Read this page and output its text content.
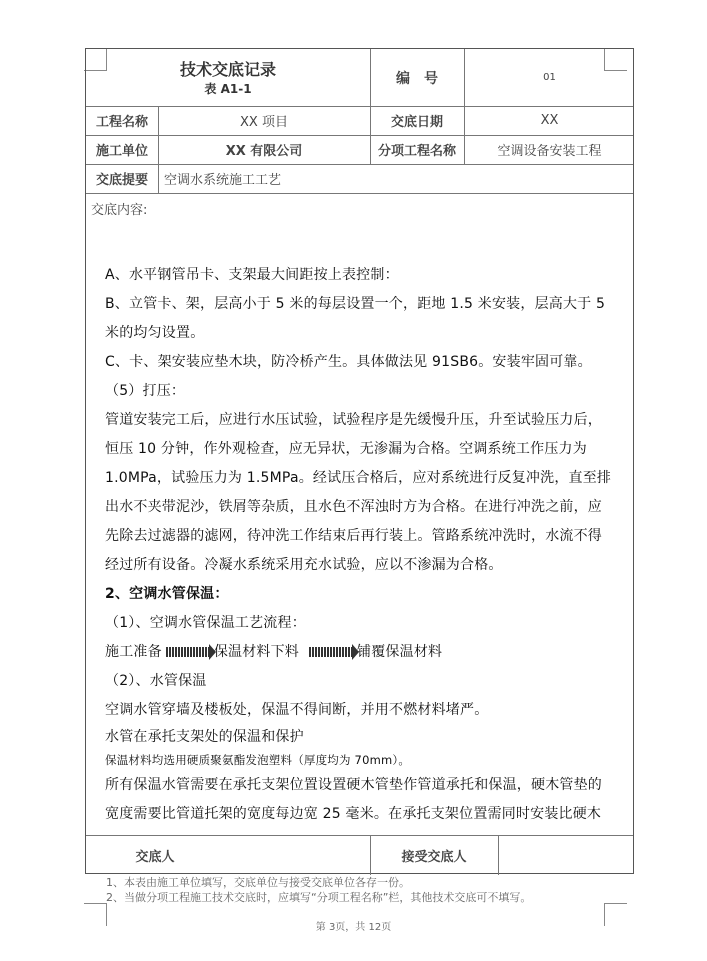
技术交底记录
表 A1-1
编　号	01
工程名称	XX 项目	交底日期	XX
施工单位	XX 有限公司	分项工程名称	空调设备安装工程
交底提要	空调水系统施工工艺
交底内容:
交底人	接受交底人

A、水平钢管吊卡、支架最大间距按上表控制：

B、立管卡、架，层高小于 5 米的每层设置一个，距地 1.5 米安装，层高大于 5

米的均匀设置。

C、卡、架安装应垫木块，防冷桥产生。具体做法见 91SB6。安装牢固可靠。

（5）打压：

管道安装完工后，应进行水压试验，试验程序是先缓慢升压，升至试验压力后，

恒压 10 分钟，作外观检查，应无异状，无渗漏为合格。空调系统工作压力为

1.0MPa，试验压力为 1.5MPa。经试压合格后，应对系统进行反复冲洗，直至排

出水不夹带泥沙，铁屑等杂质，且水色不浑浊时方为合格。在进行冲洗之前，应

先除去过滤器的滤网，待冲洗工作结束后再行装上。管路系统冲洗时，水流不得

经过所有设备。冷凝水系统采用充水试验，应以不渗漏为合格。

2、空调水管保温：

（1）、空调水管保温工艺流程：

施工准备	保温材料下料	铺覆保温材料

（2）、水管保温

空调水管穿墙及楼板处，保温不得间断，并用不燃材料堵严。

水管在承托支架处的保温和保护

保温材料均选用硬质聚氨酯发泡塑料（厚度均为 70mm）。

所有保温水管需要在承托支架位置设置硬木管垫作管道承托和保温，硬木管垫的

宽度需要比管道托架的宽度每边宽 25 毫米。在承托支架位置需同时安装比硬木

1、本表由施工单位填写，交底单位与接受交底单位各存一份。
2、当做分项工程施工技术交底时，应填写“分项工程名称”栏，其他技术交底可不填写。
第 3页，共 12页
